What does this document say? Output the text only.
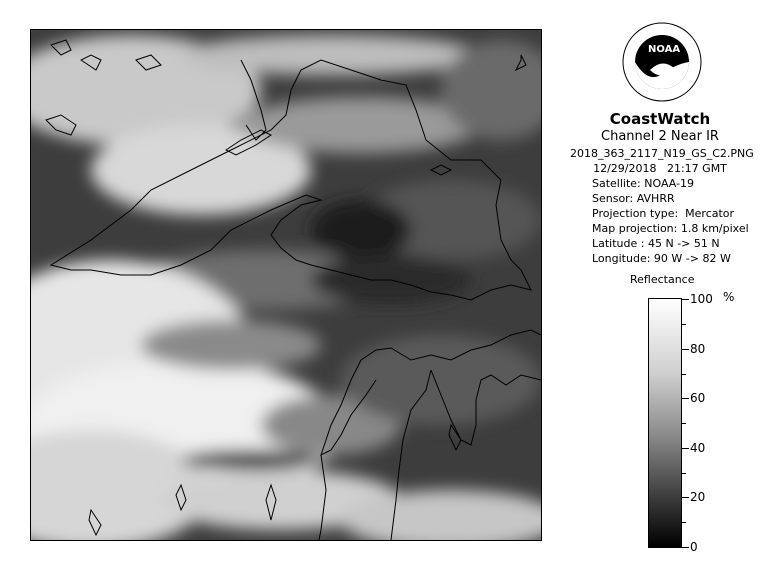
NOAA
CoastWatch
Channel 2 Near IR
2018_363_2117_N19_GS_C2.PNG
12/29/2018   21:17 GMT
Satellite: NOAA-19
Sensor: AVHRR
Projection type:  Mercator
Map projection: 1.8 km/pixel
Latitude : 45 N -> 51 N
Longitude: 90 W -> 82 W
Reflectance
%
100
80
60
40
20
0
